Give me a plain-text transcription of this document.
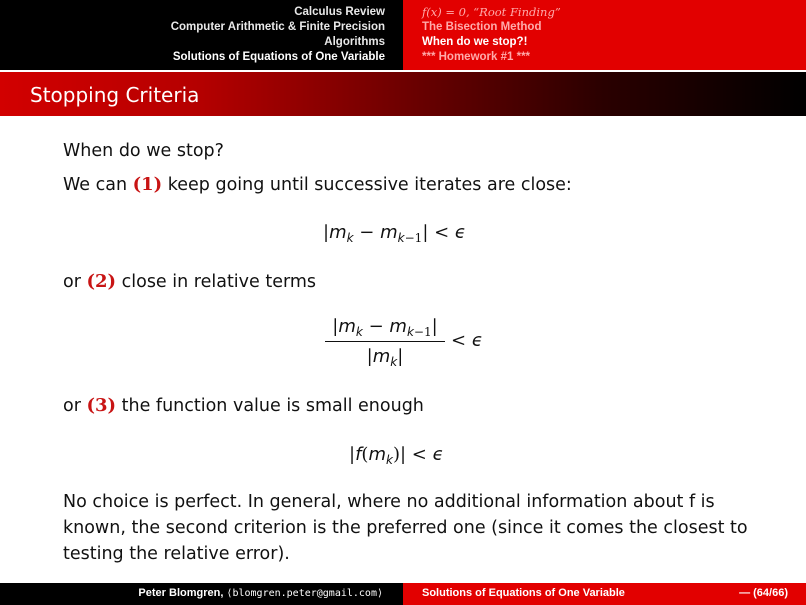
Calculus Review
Computer Arithmetic & Finite Precision
Algorithms
Solutions of Equations of One Variable
f(x) = 0, “Root Finding”
The Bisection Method
When do we stop?!
*** Homework #1 ***
Stopping Criteria
When do we stop?
We can (1) keep going until successive iterates are close:
$|m_k - m_{k-1}| < \epsilon$
or (2) close in relative terms
$|m_k - m_{k-1}|$
$|m_k|$
< ϵ
or (3) the function value is small enough
$|f(m_k)| < \epsilon$
No choice is perfect. In general, where no additional information about f is known, the second criterion is the preferred one (since it comes the closest to testing the relative error).
Peter Blomgren, ⟨blomgren.peter@gmail.com⟩	Solutions of Equations of One Variable	— (64/66)
